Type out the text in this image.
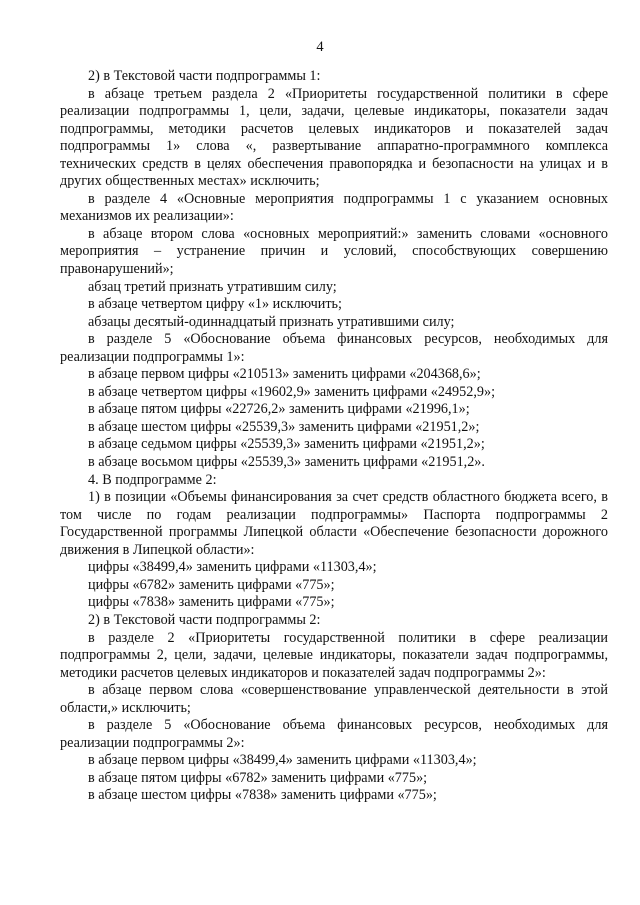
4

2) в Текстовой части подпрограммы 1:

в абзаце третьем раздела 2 «Приоритеты государственной политики в сфере реализации подпрограммы 1, цели, задачи, целевые индикаторы, показатели задач подпрограммы, методики расчетов целевых индикаторов и показателей задач подпрограммы 1» слова «, развертывание аппаратно-программного комплекса технических средств в целях обеспечения правопорядка и безопасности на улицах и в других общественных местах» исключить;

в разделе 4 «Основные мероприятия подпрограммы 1 с указанием основных механизмов их реализации»:

в абзаце втором слова «основных мероприятий:» заменить словами «основного мероприятия – устранение причин и условий, способствующих совершению правонарушений»;

абзац третий признать утратившим силу;

в абзаце четвертом цифру «1» исключить;

абзацы десятый-одиннадцатый признать утратившими силу;

в разделе 5 «Обоснование объема финансовых ресурсов, необходимых для реализации подпрограммы 1»:

в абзаце первом цифры «210513» заменить цифрами «204368,6»;

в абзаце четвертом цифры «19602,9» заменить цифрами «24952,9»;

в абзаце пятом цифры «22726,2» заменить цифрами «21996,1»;

в абзаце шестом цифры «25539,3» заменить цифрами «21951,2»;

в абзаце седьмом цифры «25539,3» заменить цифрами «21951,2»;

в абзаце восьмом цифры «25539,3» заменить цифрами «21951,2».

4. В подпрограмме 2:

1) в позиции «Объемы финансирования за счет средств областного бюджета всего, в том числе по годам реализации подпрограммы» Паспорта подпрограммы 2 Государственной программы Липецкой области «Обеспечение безопасности дорожного движения в Липецкой области»:

цифры «38499,4» заменить цифрами «11303,4»;

цифры «6782» заменить цифрами «775»;

цифры «7838» заменить цифрами «775»;

2) в Текстовой части подпрограммы 2:

в разделе 2 «Приоритеты государственной политики в сфере реализации подпрограммы 2, цели, задачи, целевые индикаторы, показатели задач подпрограммы, методики расчетов целевых индикаторов и показателей задач подпрограммы 2»:

в абзаце первом слова «совершенствование управленческой деятельности в этой области,» исключить;

в разделе 5 «Обоснование объема финансовых ресурсов, необходимых для реализации подпрограммы 2»:

в абзаце первом цифры «38499,4» заменить цифрами «11303,4»;

в абзаце пятом цифры «6782» заменить цифрами «775»;

в абзаце шестом цифры «7838» заменить цифрами «775»;
